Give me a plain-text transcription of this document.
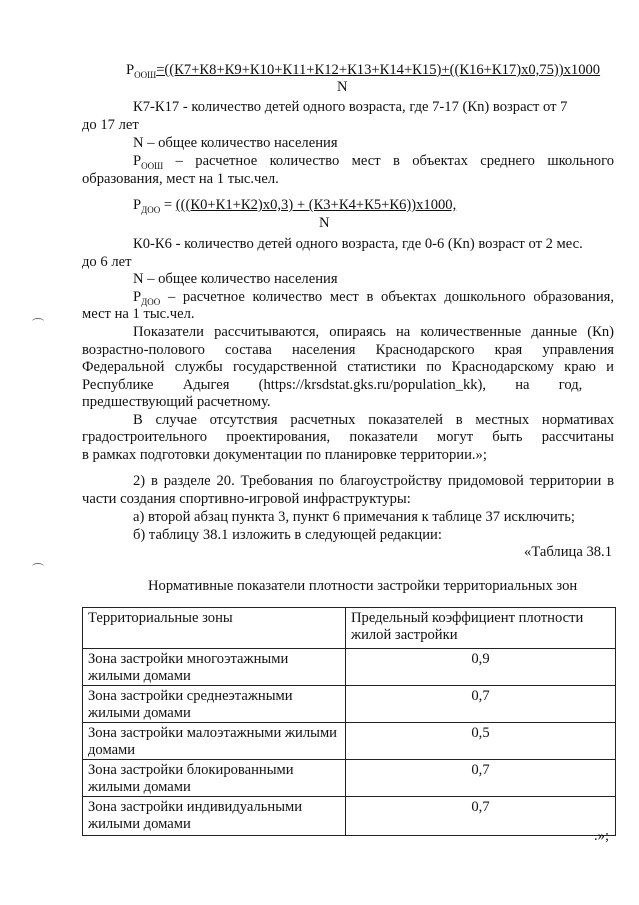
$P_{ООШ}=((К7+К8+К9+К10+К11+К12+К13+К14+К15)+((К16+К17)х0,75))х1000$
N
К7-К17 - количество детей одного возраста, где 7-17 (Кn) возраст от 7
до 17 лет
N – общее количество населения
$P_{ООШ}$ – расчетное количество мест в объектах среднего школьного
образования, мест на 1 тыс.чел.
$P_{ДОО} = (((К0+К1+К2)х0,3) + (К3+К4+К5+К6))х1000$,
N
К0-К6 - количество детей одного возраста, где 0-6 (Кn) возраст от 2 мес.
до 6 лет
N – общее количество населения
$P_{ДОО}$ – расчетное количество мест в объектах дошкольного образования,
мест на 1 тыс.чел.
Показатели рассчитываются, опираясь на количественные данные (Кn)
возрастно-полового состава населения Краснодарского края управления
Федеральной службы государственной статистики по Краснодарскому краю и
Республике        Адыгея        (https://krsdstat.gks.ru/population_kk),        на        год,
предшествующий расчетному.
В случае отсутствия расчетных показателей в местных нормативах
градостроительного проектирования, показатели могут быть рассчитаны
в рамках подготовки документации по планировке территории.»;
2) в разделе 20. Требования по благоустройству придомовой территории в
части создания спортивно-игровой инфраструктуры:
а) второй абзац пункта 3, пункт 6 примечания к таблице 37 исключить;
б) таблицу 38.1 изложить в следующей редакции:
«Таблица 38.1
Нормативные показатели плотности застройки территориальных зон
Территориальные зоны	Предельный коэффициент плотности жилой застройки
Зона застройки многоэтажными жилыми домами	0,9
Зона застройки среднеэтажными жилыми домами	0,7
Зона застройки малоэтажными жилыми домами	0,5
Зона застройки блокированными жилыми домами	0,7
Зона застройки индивидуальными жилыми домами	0,7
.»;
